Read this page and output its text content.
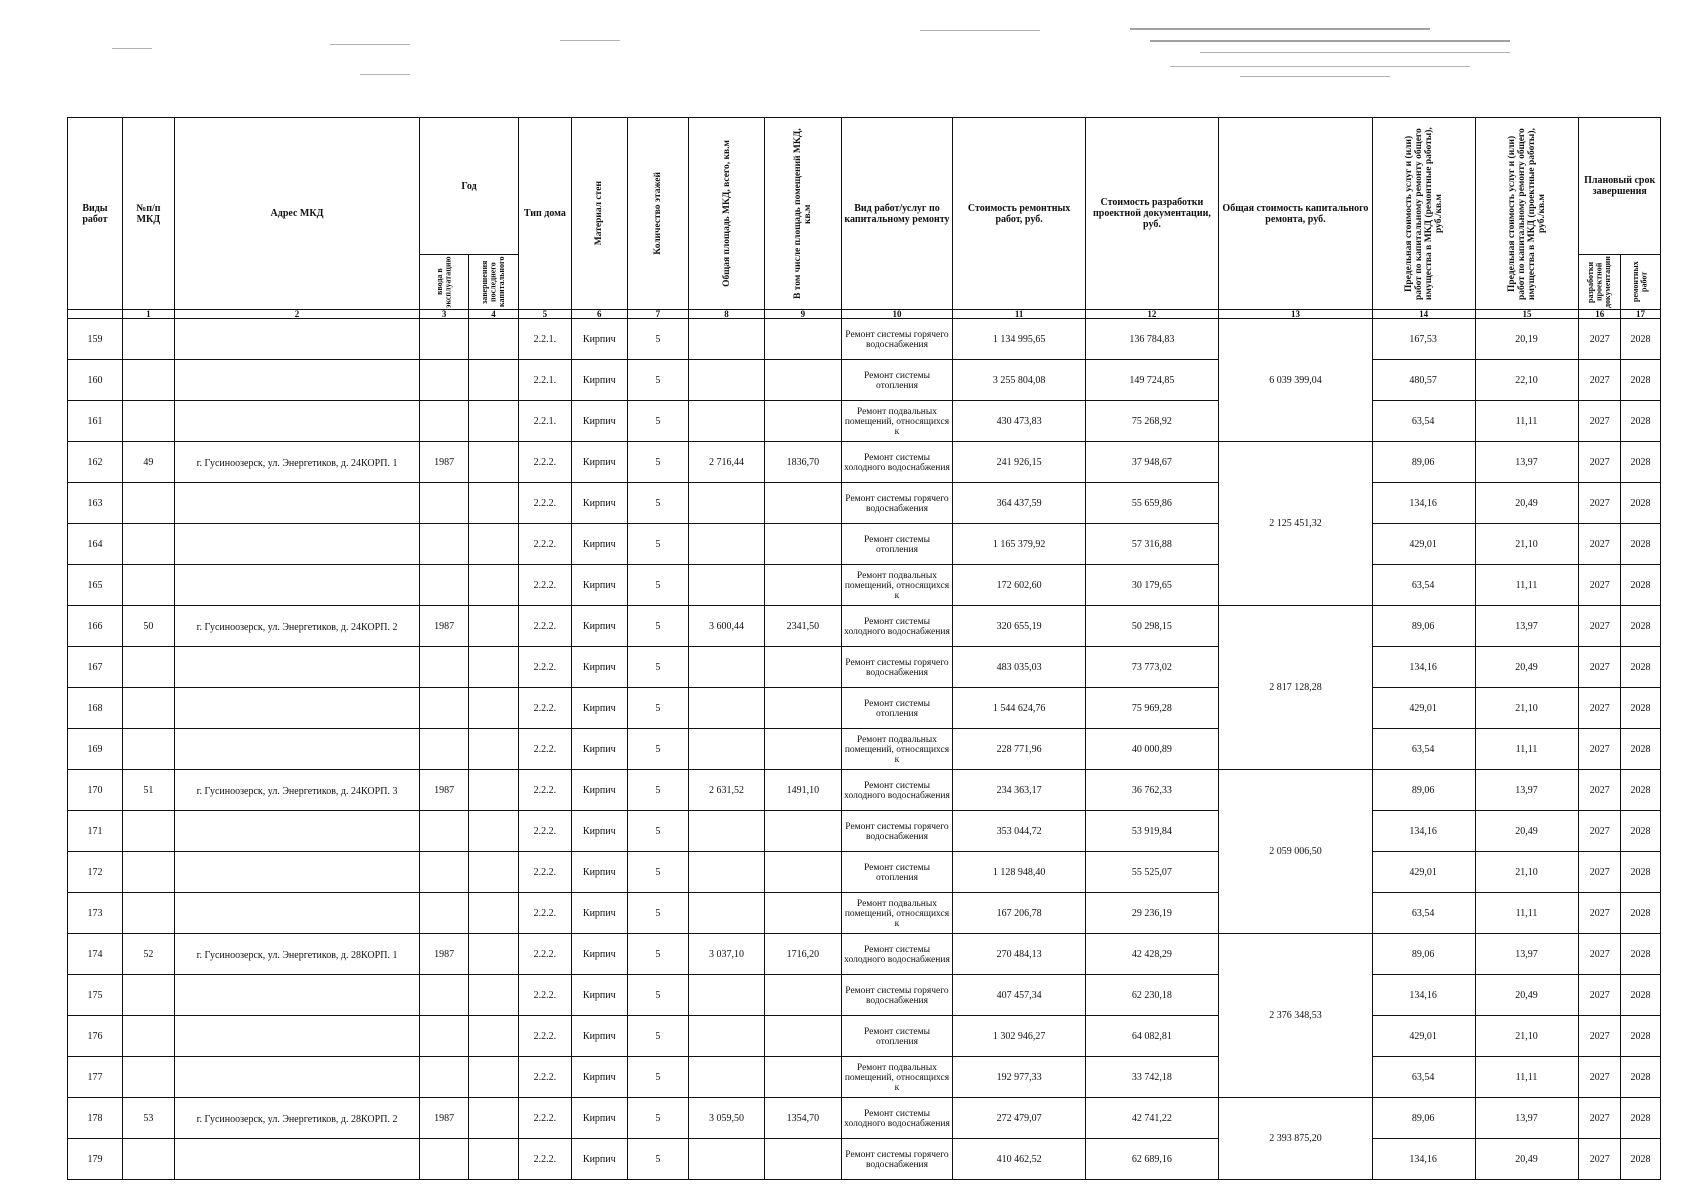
Виды работ	№п/п МКД	Адрес МКД	Год		Тип дома	Материал стен	Количество этажей	Общая площадь МКД, всего, кв.м	В том числе площадь помещений МКД, кв.м	Вид работ/услуг по капитальному ремонту	Стоимость ремонтных работ, руб.	Стоимость разработки проектной документации, руб.	Общая стоимость капитального ремонта, руб.	Предельная стоимость услуг и (или) работ по капитальному ремонту общего имущества в МКД (ремонтные работы), руб./кв.м	Предельная стоимость услуг и (или) работ по капитальному ремонту общего имущества в МКД (проектные работы), руб./кв.м	Плановый срок завершения	

			ввода в эксплуатацию	завершения последнего капитального												разработки проектной документации	ремонтных работ

	1	2	3	4	5	6	7	8	9	10	11	12	13	14	15	16	17
159					2.2.1.	Кирпич	5			Ремонт системы горячего водоснабжения	1 134 995,65	136 784,83	6 039 399,04	167,53	20,19	2027	2028
160					2.2.1.	Кирпич	5			Ремонт системы отопления	3 255 804,08	149 724,85		480,57	22,10	2027	2028
161					2.2.1.	Кирпич	5			Ремонт подвальных помещений, относящихся к	430 473,83	75 268,92		63,54	11,11	2027	2028
162	49	г. Гусиноозерск, ул. Энергетиков, д. 24КОРП. 1	1987		2.2.2.	Кирпич	5	2 716,44	1836,70	Ремонт системы холодного водоснабжения	241 926,15	37 948,67	2 125 451,32	89,06	13,97	2027	2028
163					2.2.2.	Кирпич	5			Ремонт системы горячего водоснабжения	364 437,59	55 659,86		134,16	20,49	2027	2028
164					2.2.2.	Кирпич	5			Ремонт системы отопления	1 165 379,92	57 316,88		429,01	21,10	2027	2028
165					2.2.2.	Кирпич	5			Ремонт подвальных помещений, относящихся к	172 602,60	30 179,65		63,54	11,11	2027	2028
166	50	г. Гусиноозерск, ул. Энергетиков, д. 24КОРП. 2	1987		2.2.2.	Кирпич	5	3 600,44	2341,50	Ремонт системы холодного водоснабжения	320 655,19	50 298,15	2 817 128,28	89,06	13,97	2027	2028
167					2.2.2.	Кирпич	5			Ремонт системы горячего водоснабжения	483 035,03	73 773,02		134,16	20,49	2027	2028
168					2.2.2.	Кирпич	5			Ремонт системы отопления	1 544 624,76	75 969,28		429,01	21,10	2027	2028
169					2.2.2.	Кирпич	5			Ремонт подвальных помещений, относящихся к	228 771,96	40 000,89		63,54	11,11	2027	2028
170	51	г. Гусиноозерск, ул. Энергетиков, д. 24КОРП. 3	1987		2.2.2.	Кирпич	5	2 631,52	1491,10	Ремонт системы холодного водоснабжения	234 363,17	36 762,33	2 059 006,50	89,06	13,97	2027	2028
171					2.2.2.	Кирпич	5			Ремонт системы горячего водоснабжения	353 044,72	53 919,84		134,16	20,49	2027	2028
172					2.2.2.	Кирпич	5			Ремонт системы отопления	1 128 948,40	55 525,07		429,01	21,10	2027	2028
173					2.2.2.	Кирпич	5			Ремонт подвальных помещений, относящихся к	167 206,78	29 236,19		63,54	11,11	2027	2028
174	52	г. Гусиноозерск, ул. Энергетиков, д. 28КОРП. 1	1987		2.2.2.	Кирпич	5	3 037,10	1716,20	Ремонт системы холодного водоснабжения	270 484,13	42 428,29	2 376 348,53	89,06	13,97	2027	2028
175					2.2.2.	Кирпич	5			Ремонт системы горячего водоснабжения	407 457,34	62 230,18		134,16	20,49	2027	2028
176					2.2.2.	Кирпич	5			Ремонт системы отопления	1 302 946,27	64 082,81		429,01	21,10	2027	2028
177					2.2.2.	Кирпич	5			Ремонт подвальных помещений, относящихся к	192 977,33	33 742,18		63,54	11,11	2027	2028
178	53	г. Гусиноозерск, ул. Энергетиков, д. 28КОРП. 2	1987		2.2.2.	Кирпич	5	3 059,50	1354,70	Ремонт системы холодного водоснабжения	272 479,07	42 741,22	2 393 875,20	89,06	13,97	2027	2028
179					2.2.2.	Кирпич	5			Ремонт системы горячего водоснабжения	410 462,52	62 689,16		134,16	20,49	2027	2028
